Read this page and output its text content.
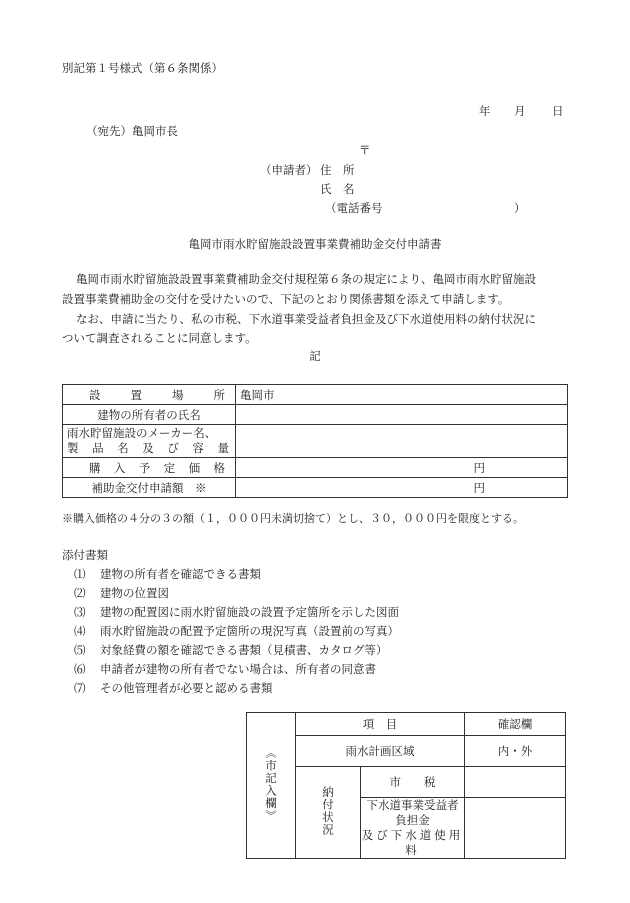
別記第１号様式（第６条関係）
年 月 日
（宛先）亀岡市長
〒
（申請者） 住　所
氏　名
（電話番号	）
亀岡市雨水貯留施設設置事業費補助金交付申請書
亀岡市雨水貯留施設設置事業費補助金交付規程第６条の規定により、亀岡市雨水貯留施設
設置事業費補助金の交付を受けたいので、下記のとおり関係書類を添えて申請します。
なお、申請に当たり、私の市税、下水道事業受益者負担金及び下水道使用料の納付状況に
ついて調査されることに同意します。
記
設置場所	亀岡市
建物の所有者の氏名	

雨水貯留施設のメーカー名、
製品名及び容量	

購入予定価格	円
補助金交付申請額　※	円
※購入価格の４分の３の額（１，０００円未満切捨て）とし、３０，０００円を限度とする。
添付書類
⑴ 建物の所有者を確認できる書類
⑵ 建物の位置図
⑶ 建物の配置図に雨水貯留施設の設置予定箇所を示した図面
⑷ 雨水貯留施設の配置予定箇所の現況写真（設置前の写真）
⑸ 対象経費の額を確認できる書類（見積書、カタログ等）
⑹ 申請者が建物の所有者でない場合は、所有者の同意書
⑺ その他管理者が必要と認める書類
《市記入欄》	項　目		確認欄
	雨水計画区域		内・外
	納付状況	市　　税	

		下水道事業受益者負担金
及び下水道使用料	
